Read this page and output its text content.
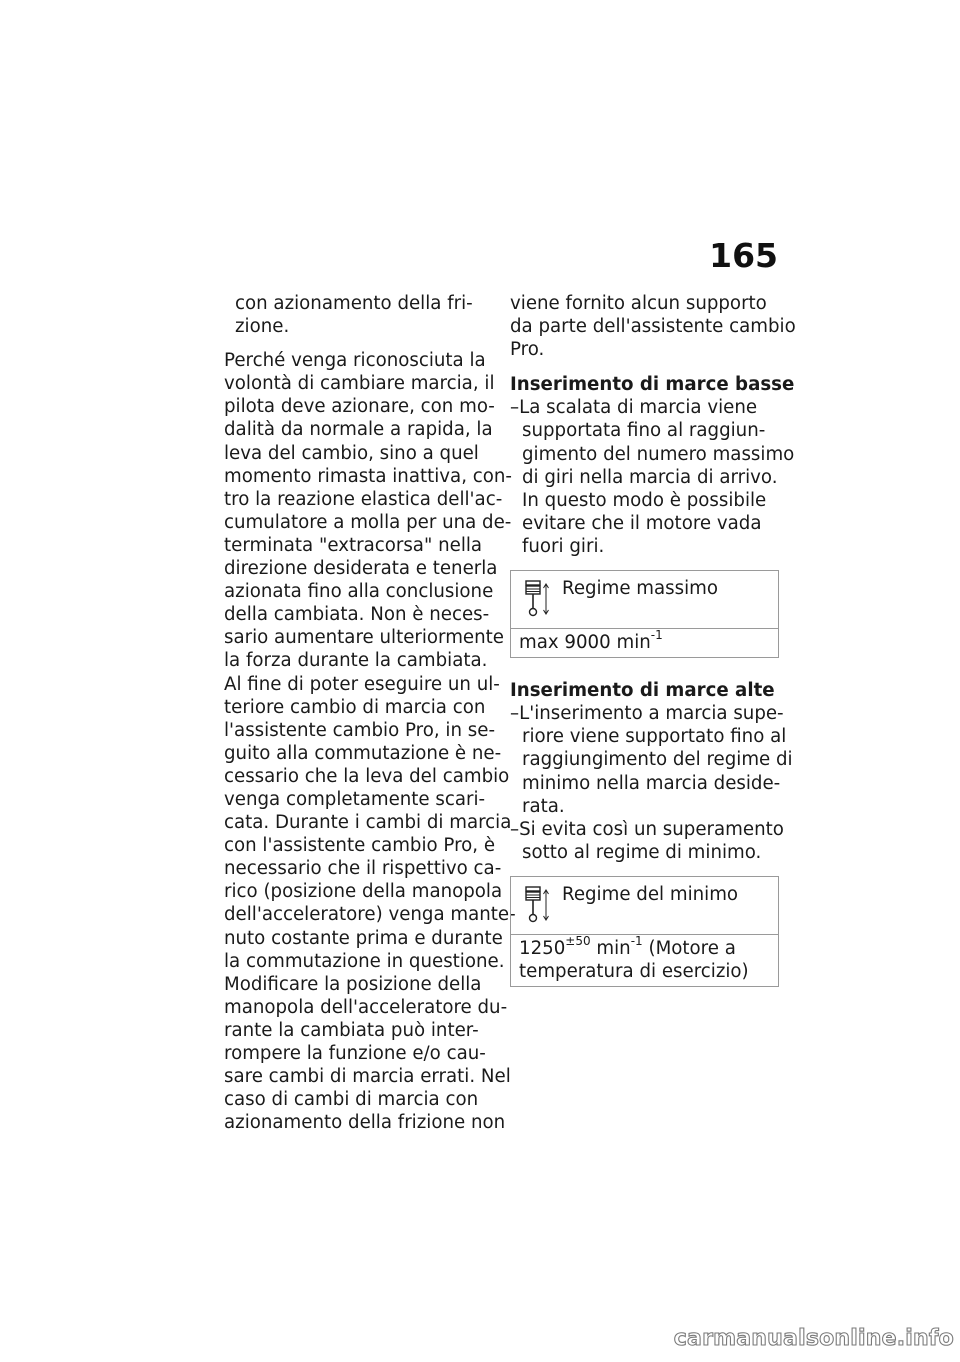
165
con azionamento della fri-
zione.
Perché venga riconosciuta la
volontà di cambiare marcia, il
pilota deve azionare, con mo-
dalità da normale a rapida, la
leva del cambio, sino a quel
momento rimasta inattiva, con-
tro la reazione elastica dell'ac-
cumulatore a molla per una de-
terminata "extracorsa" nella
direzione desiderata e tenerla
azionata fino alla conclusione
della cambiata. Non è neces-
sario aumentare ulteriormente
la forza durante la cambiata.
Al fine di poter eseguire un ul-
teriore cambio di marcia con
l'assistente cambio Pro, in se-
guito alla commutazione è ne-
cessario che la leva del cambio
venga completamente scari-
cata. Durante i cambi di marcia
con l'assistente cambio Pro, è
necessario che il rispettivo ca-
rico (posizione della manopola
dell'acceleratore) venga mante-
nuto costante prima e durante
la commutazione in questione.
Modificare la posizione della
manopola dell'acceleratore du-
rante la cambiata può inter-
rompere la funzione e/o cau-
sare cambi di marcia errati. Nel
caso di cambi di marcia con
azionamento della frizione non
viene fornito alcun supporto
da parte dell'assistente cambio
Pro.
Inserimento di marce basse
–La scalata di marcia viene
supportata fino al raggiun-
gimento del numero massimo
di giri nella marcia di arrivo.
In questo modo è possibile
evitare che il motore vada
fuori giri.
Regime massimo
max 9000 $\min^{-1}$
Inserimento di marce alte
–L'inserimento a marcia supe-
riore viene supportato fino al
raggiungimento del regime di
minimo nella marcia deside-
rata.
–Si evita così un superamento
sotto al regime di minimo.
Regime del minimo
$1250^{\pm 50}$ $\min^{-1}$ (Motore a
temperatura di esercizio)
carmanualsonline.info
